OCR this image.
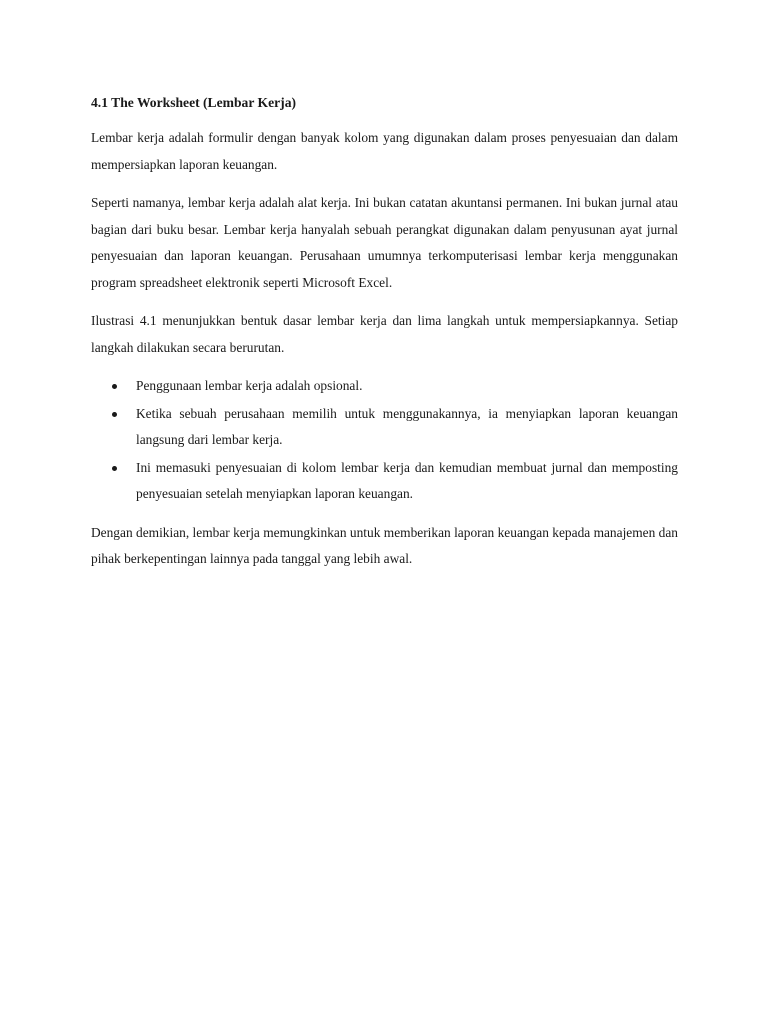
4.1 The Worksheet (Lembar Kerja)

Lembar kerja adalah formulir dengan banyak kolom yang digunakan dalam proses penyesuaian dan dalam mempersiapkan laporan keuangan.

Seperti namanya, lembar kerja adalah alat kerja. Ini bukan catatan akuntansi permanen. Ini bukan jurnal atau bagian dari buku besar. Lembar kerja hanyalah sebuah perangkat digunakan dalam penyusunan ayat jurnal penyesuaian dan laporan keuangan. Perusahaan umumnya terkomputerisasi lembar kerja menggunakan program spreadsheet elektronik seperti Microsoft Excel.

Ilustrasi 4.1 menunjukkan bentuk dasar lembar kerja dan lima langkah untuk mempersiapkannya. Setiap langkah dilakukan secara berurutan.

Penggunaan lembar kerja adalah opsional.
Ketika sebuah perusahaan memilih untuk menggunakannya, ia menyiapkan laporan keuangan langsung dari lembar kerja.
Ini memasuki penyesuaian di kolom lembar kerja dan kemudian membuat jurnal dan memposting penyesuaian setelah menyiapkan laporan keuangan.

Dengan demikian, lembar kerja memungkinkan untuk memberikan laporan keuangan kepada manajemen dan pihak berkepentingan lainnya pada tanggal yang lebih awal.
